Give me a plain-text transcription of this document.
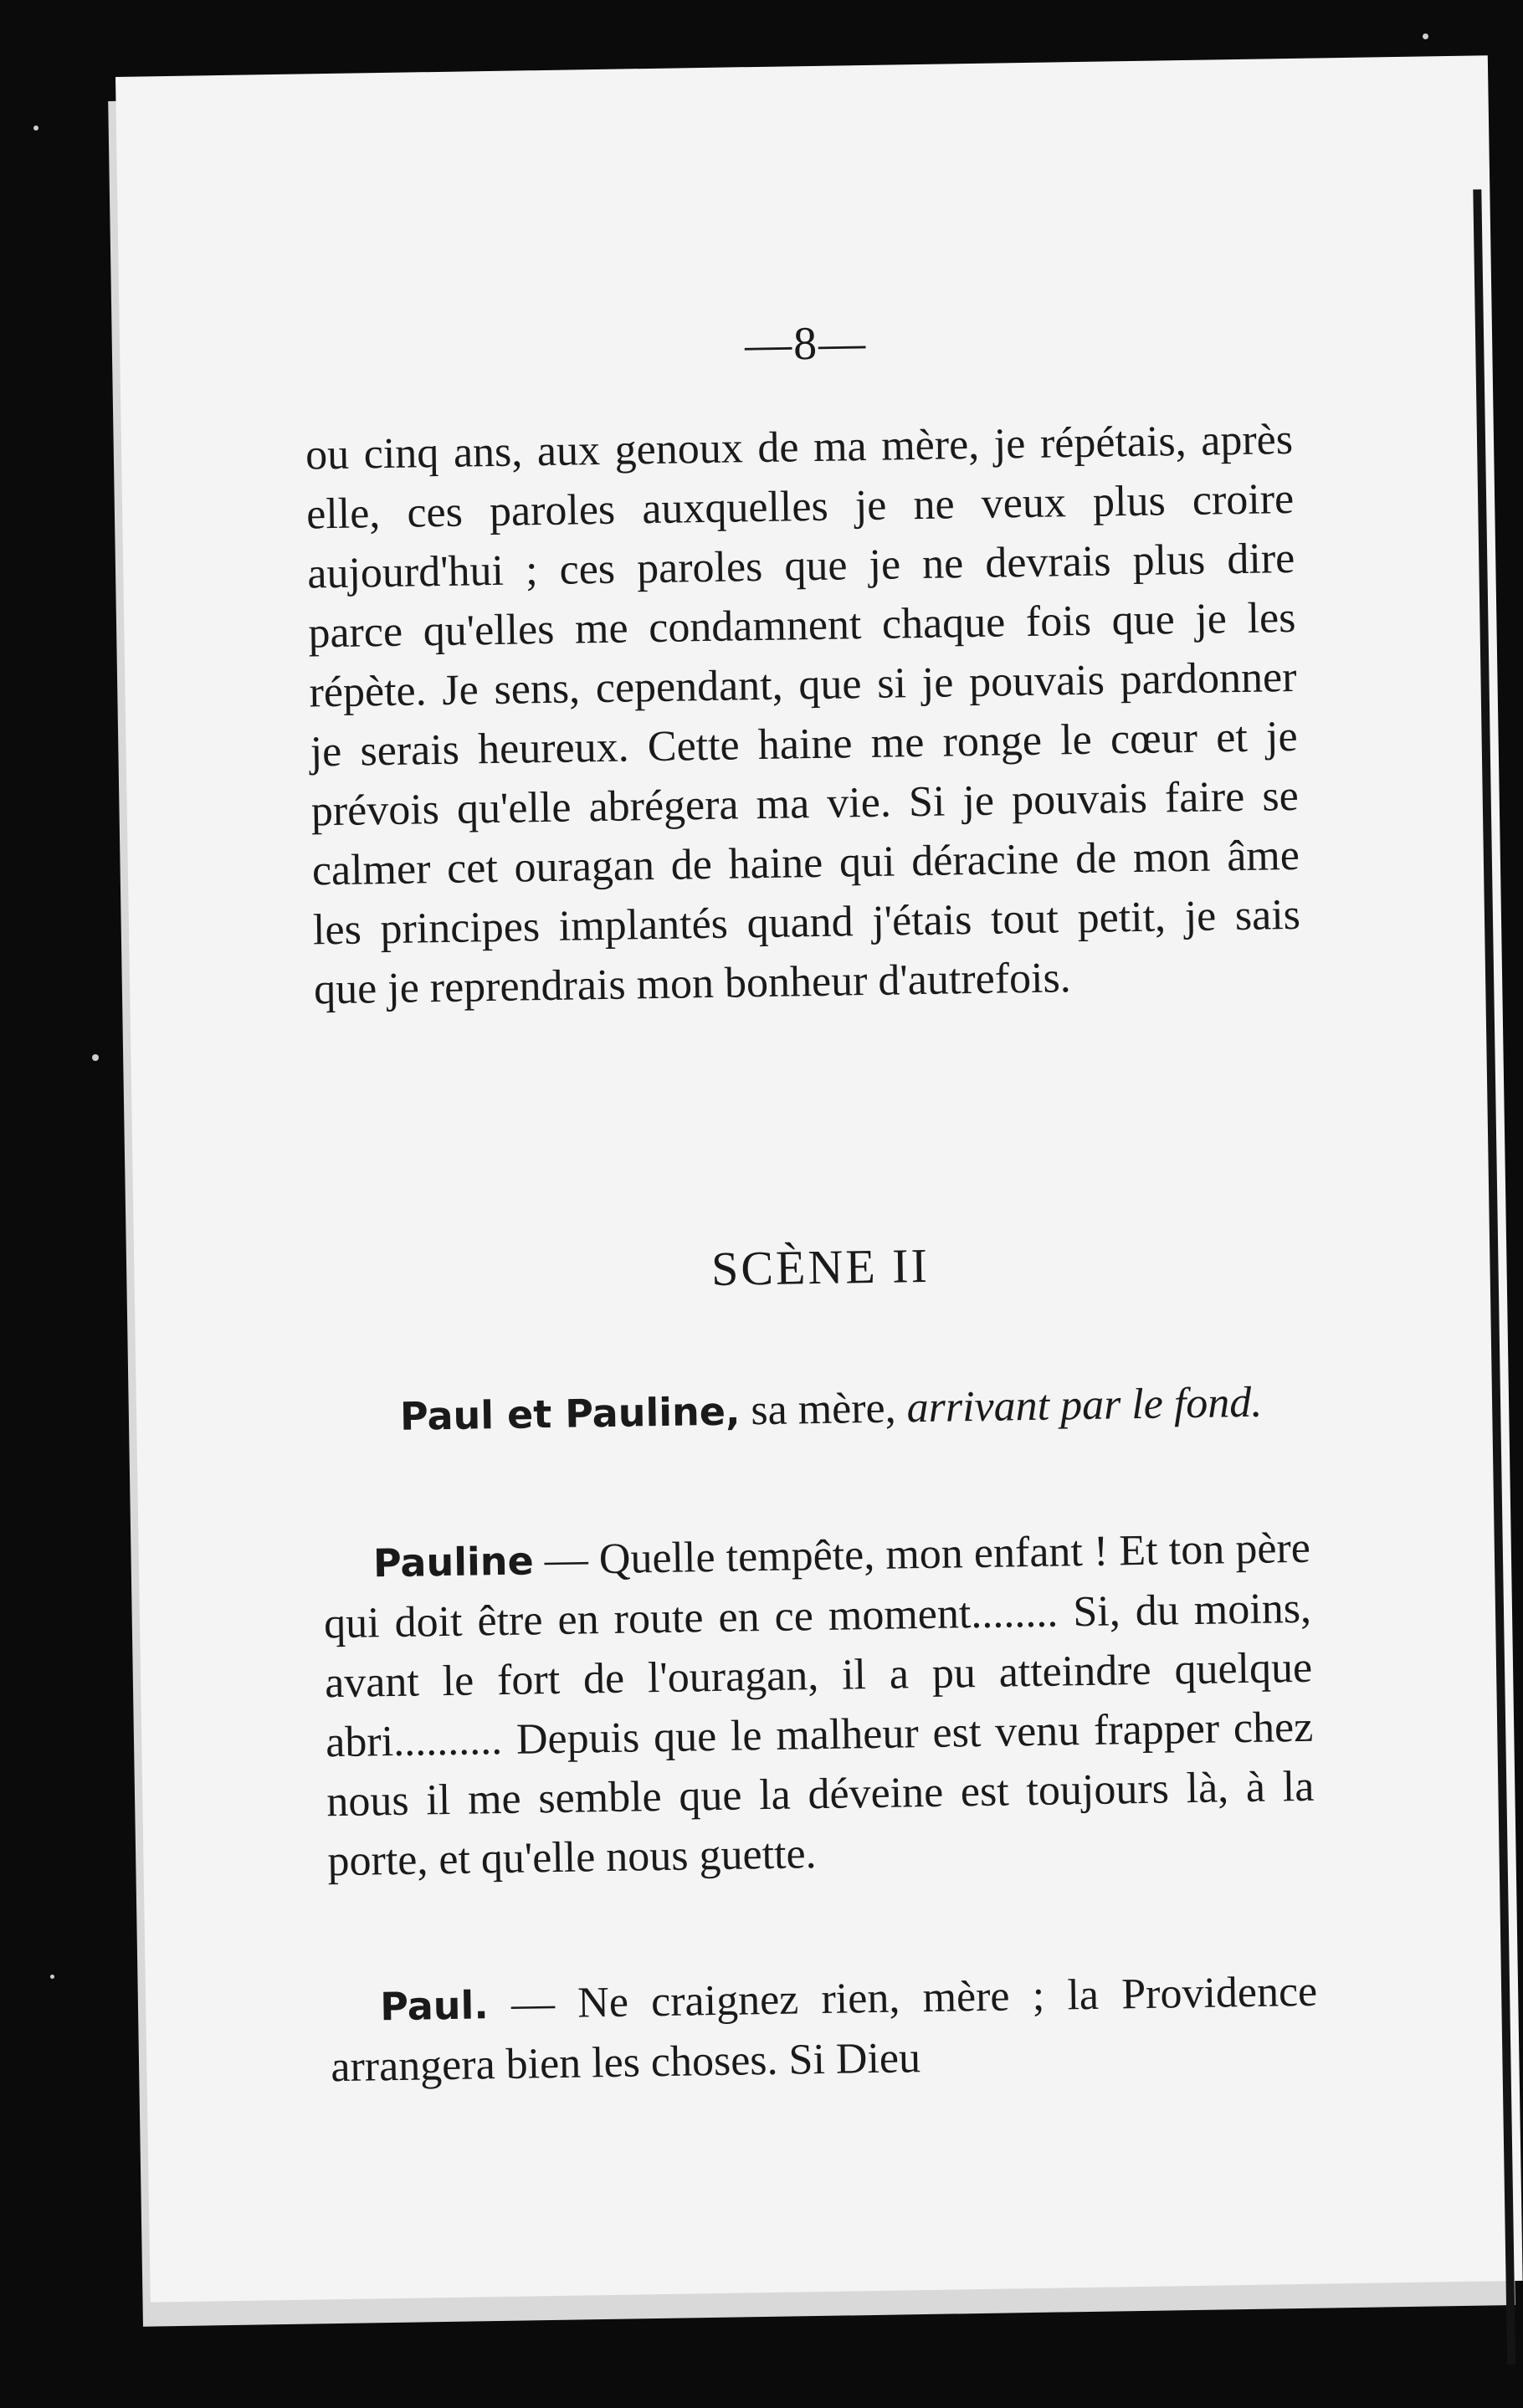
—8—
ou cinq ans, aux genoux de ma mère, je répétais, après elle, ces paroles auxquelles je ne veux plus croire aujourd'hui ; ces paroles que je ne devrais plus dire parce qu'elles me condamnent chaque fois que je les répète. Je sens, cependant, que si je pouvais pardonner je serais heureux. Cette haine me ronge le cœur et je prévois qu'elle abrégera ma vie. Si je pouvais faire se calmer cet ouragan de haine qui déracine de mon âme les principes implantés quand j'étais tout petit, je sais que je reprendrais mon bonheur d'autrefois.
SCÈNE II
Paul et Pauline, sa mère, arrivant par le fond.
Pauline — Quelle tempête, mon enfant ! Et ton père qui doit être en route en ce moment........ Si, du moins, avant le fort de l'ouragan, il a pu atteindre quelque abri.......... Depuis que le malheur est venu frapper chez nous il me semble que la déveine est toujours là, à la porte, et qu'elle nous guette.
Paul. — Ne craignez rien, mère ; la Providence arrangera bien les choses. Si Dieu
